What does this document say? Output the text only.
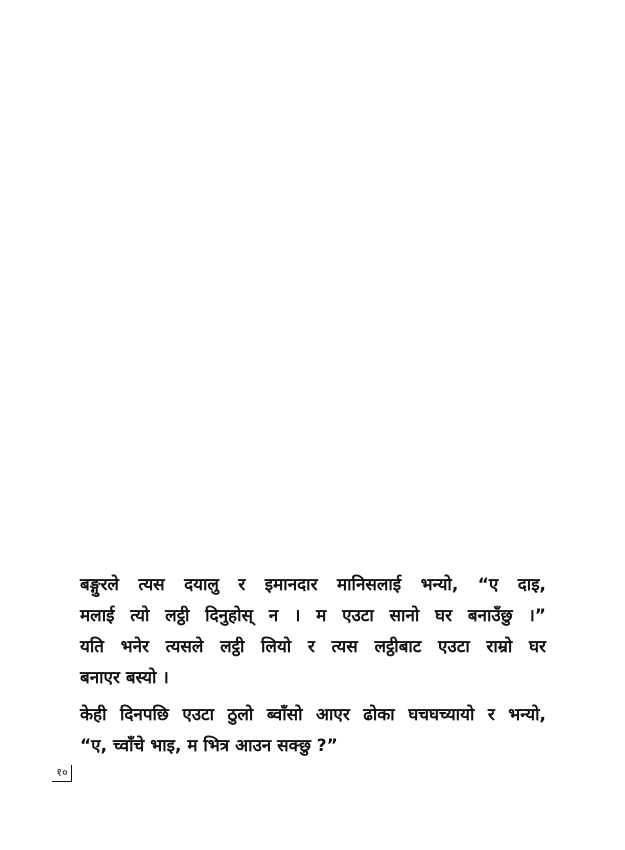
बङ्गुरले त्यस दयालु र इमानदार मानिसलाई भन्यो, “ए दाइ,
मलाई त्यो लट्ठी दिनुहोस् न । म एउटा सानो घर बनाउँछु ।”
यति भनेर त्यसले लट्ठी लियो र त्यस लट्ठीबाट एउटा राम्रो घर
बनाएर बस्यो ।

केही दिनपछि एउटा ठुलो ब्वाँसो आएर ढोका घचघच्यायो र भन्यो,
“ए, च्वाँचे भाइ, म भित्र आउन सक्छु ?”

१०
